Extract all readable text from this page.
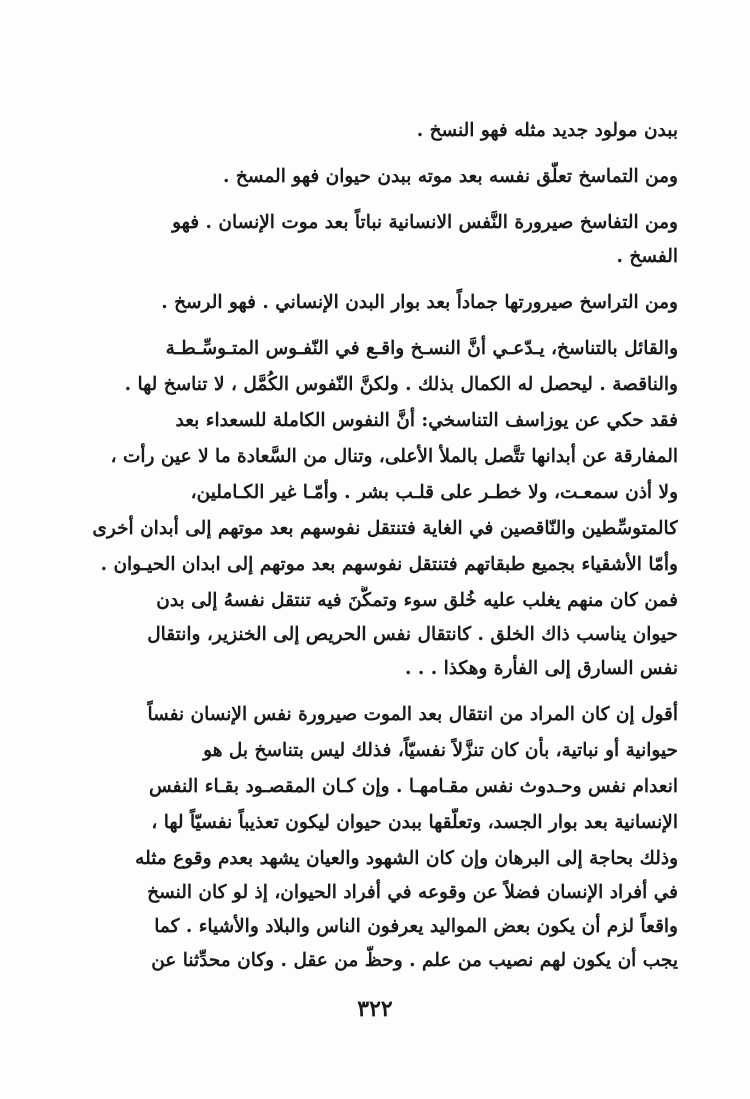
ببدن مولود جديد مثله فهو النسخ .
ومن التماسخ تعلّق نفسه بعد موته ببدن حيوان فهو المسخ .
ومن التفاسخ صيرورة النَّفس الانسانية نباتاً بعد موت الإنسان . فهو
الفسخ .
ومن التراسخ صيرورتها جماداً بعد بوار البدن الإنساني . فهو الرسخ .
والقائل بالتناسخ، يـدّعـي أنَّ النسـخ واقـع في النّفـوس المتـوسِّـطـة
والناقصة . ليحصل له الكمال بذلك . ولكنَّ النّفوس الكُمَّل ، لا تناسخ لها .
فقد حكي عن يوزاسف التناسخي: أنَّ النفوس الكاملة للسعداء بعد
المفارقة عن أبدانها تتَّصل بالملأ الأعلى، وتنال من السَّعادة ما لا عين رأت ،
ولا أذن سمعـت، ولا خطـر على قلـب بشر . وأمّـا غير الكـاملين،
كالمتوسِّطين والنّاقصين في الغاية فتنتقل نفوسهم بعد موتهم إلى أبدان أخرى
وأمّا الأشقياء بجميع طبقاتهم فتنتقل نفوسهم بعد موتهم إلى ابدان الحيـوان .
فمن كان منهم يغلب عليه خُلق سوء وتمكَّنَ فيه تنتقل نفسهُ إلى بدن
حيوان يناسب ذاك الخلق . كانتقال نفس الحريص إلى الخنزير، وانتقال
نفس السارق إلى الفأرة وهكذا . . .
أقول إن كان المراد من انتقال بعد الموت صيرورة نفس الإنسان نفساً
حيوانية أو نباتية، بأن كان تنزَّلاً نفسيّاً، فذلك ليس بتناسخ بل هو
انعدام نفس وحـدوث نفس مقـامهـا . وإن كـان المقصـود بقـاء النفس
الإنسانية بعد بوار الجسد، وتعلَّقها ببدن حيوان ليكون تعذيباً نفسيّاً لها ،
وذلك بحاجة إلى البرهان وإن كان الشهود والعيان يشهد بعدم وقوع مثله
في أفراد الإنسان فضلاً عن وقوعه في أفراد الحيوان، إذ لو كان النسخ
واقعاً لزم أن يكون بعض المواليد يعرفون الناس والبلاد والأشياء . كما
يجب أن يكون لهم نصيب من علم . وحظٌّ من عقل . وكان محدِّثنا عن
٣٢٢
